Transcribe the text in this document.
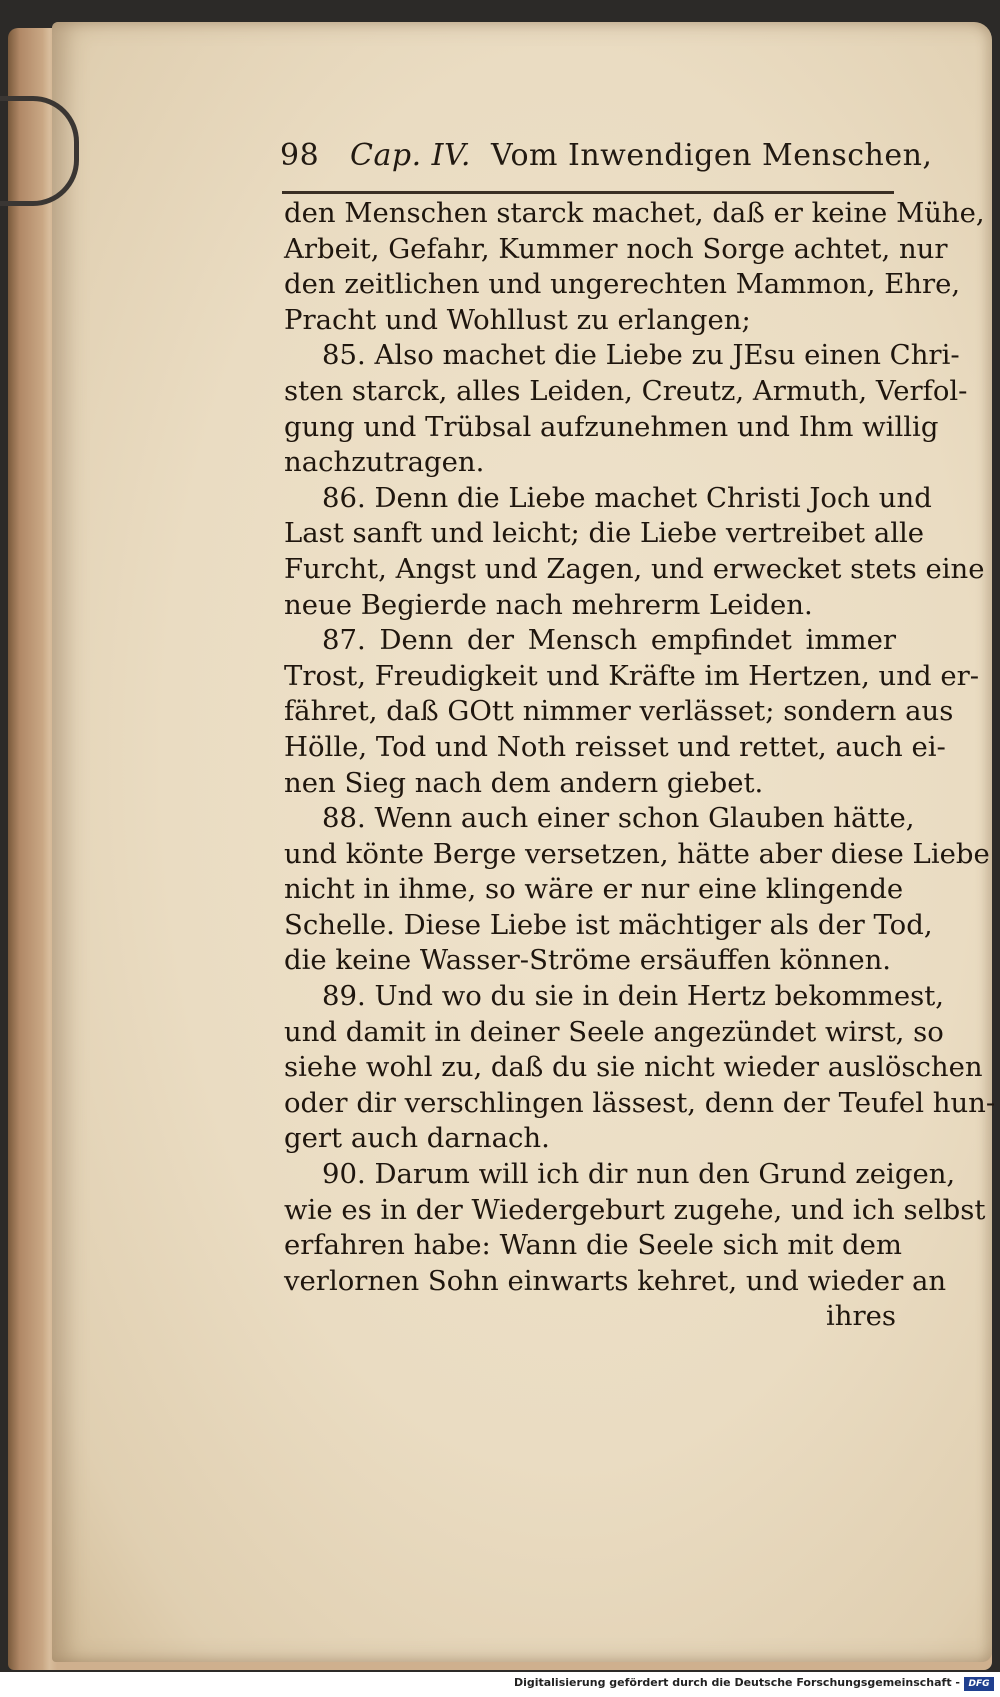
98 Cap. IV. Vom Inwendigen Menschen,
den Menschen starck machet, daß er keine Mühe,
Arbeit, Gefahr, Kummer noch Sorge achtet, nur
den zeitlichen und ungerechten Mammon, Ehre,
Pracht und Wohllust zu erlangen;
85. Also machet die Liebe zu JEsu einen Chri-
sten starck, alles Leiden, Creutz, Armuth, Verfol-
gung und Trübsal aufzunehmen und Ihm willig
nachzutragen.
86. Denn die Liebe machet Christi Joch und
Last sanft und leicht; die Liebe vertreibet alle
Furcht, Angst und Zagen, und erwecket stets eine
neue Begierde nach mehrerm Leiden.
87. Denn der Mensch empfindet immer
Trost, Freudigkeit und Kräfte im Hertzen, und er-
fähret, daß GOtt nimmer verlässet; sondern aus
Hölle, Tod und Noth reisset und rettet, auch ei-
nen Sieg nach dem andern giebet.
88. Wenn auch einer schon Glauben hätte,
und könte Berge versetzen, hätte aber diese Liebe
nicht in ihme, so wäre er nur eine klingende
Schelle. Diese Liebe ist mächtiger als der Tod,
die keine Wasser-Ströme ersäuffen können.
89. Und wo du sie in dein Hertz bekommest,
und damit in deiner Seele angezündet wirst, so
siehe wohl zu, daß du sie nicht wieder auslöschen
oder dir verschlingen lässest, denn der Teufel hun-
gert auch darnach.
90. Darum will ich dir nun den Grund zeigen,
wie es in der Wiedergeburt zugehe, und ich selbst
erfahren habe: Wann die Seele sich mit dem
verlornen Sohn einwarts kehret, und wieder an
ihres
Digitalisierung gefördert durch die Deutsche Forschungsgemeinschaft - DFG
